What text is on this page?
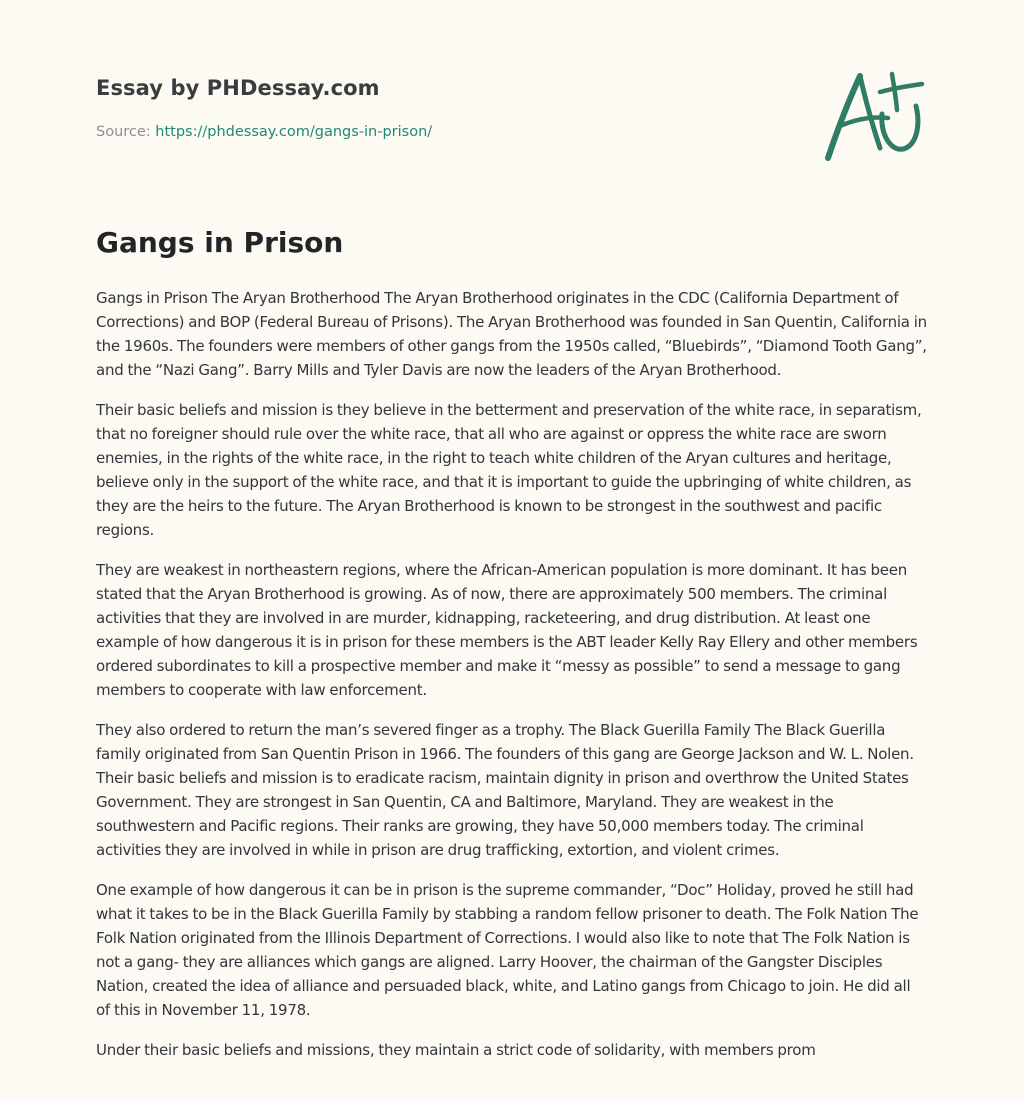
Essay by PHDessay.com

Source: https://phdessay.com/gangs-in-prison/

Gangs in Prison

Gangs in Prison The Aryan Brotherhood The Aryan Brotherhood originates in the CDC (California Department of Corrections) and BOP (Federal Bureau of Prisons). The Aryan Brotherhood was founded in San Quentin, California in the 1960s. The founders were members of other gangs from the 1950s called, “Bluebirds”, “Diamond Tooth Gang”, and the “Nazi Gang”. Barry Mills and Tyler Davis are now the leaders of the Aryan Brotherhood.

Their basic beliefs and mission is they believe in the betterment and preservation of the white race, in separatism, that no foreigner should rule over the white race, that all who are against or oppress the white race are sworn enemies, in the rights of the white race, in the right to teach white children of the Aryan cultures and heritage, believe only in the support of the white race, and that it is important to guide the upbringing of white children, as they are the heirs to the future. The Aryan Brotherhood is known to be strongest in the southwest and pacific regions.

They are weakest in northeastern regions, where the African-American population is more dominant. It has been stated that the Aryan Brotherhood is growing. As of now, there are approximately 500 members. The criminal activities that they are involved in are murder, kidnapping, racketeering, and drug distribution. At least one example of how dangerous it is in prison for these members is the ABT leader Kelly Ray Ellery and other members ordered subordinates to kill a prospective member and make it “messy as possible” to send a message to gang members to cooperate with law enforcement.

They also ordered to return the man’s severed finger as a trophy. The Black Guerilla Family The Black Guerilla family originated from San Quentin Prison in 1966. The founders of this gang are George Jackson and W. L. Nolen. Their basic beliefs and mission is to eradicate racism, maintain dignity in prison and overthrow the United States Government. They are strongest in San Quentin, CA and Baltimore, Maryland. They are weakest in the southwestern and Pacific regions. Their ranks are growing, they have 50,000 members today. The criminal activities they are involved in while in prison are drug trafficking, extortion, and violent crimes.

One example of how dangerous it can be in prison is the supreme commander, “Doc” Holiday, proved he still had what it takes to be in the Black Guerilla Family by stabbing a random fellow prisoner to death. The Folk Nation The Folk Nation originated from the Illinois Department of Corrections. I would also like to note that The Folk Nation is not a gang- they are alliances which gangs are aligned. Larry Hoover, the chairman of the Gangster Disciples Nation, created the idea of alliance and persuaded black, white, and Latino gangs from Chicago to join. He did all of this in November 11, 1978.

Under their basic beliefs and missions, they maintain a strict code of solidarity, with members prom
